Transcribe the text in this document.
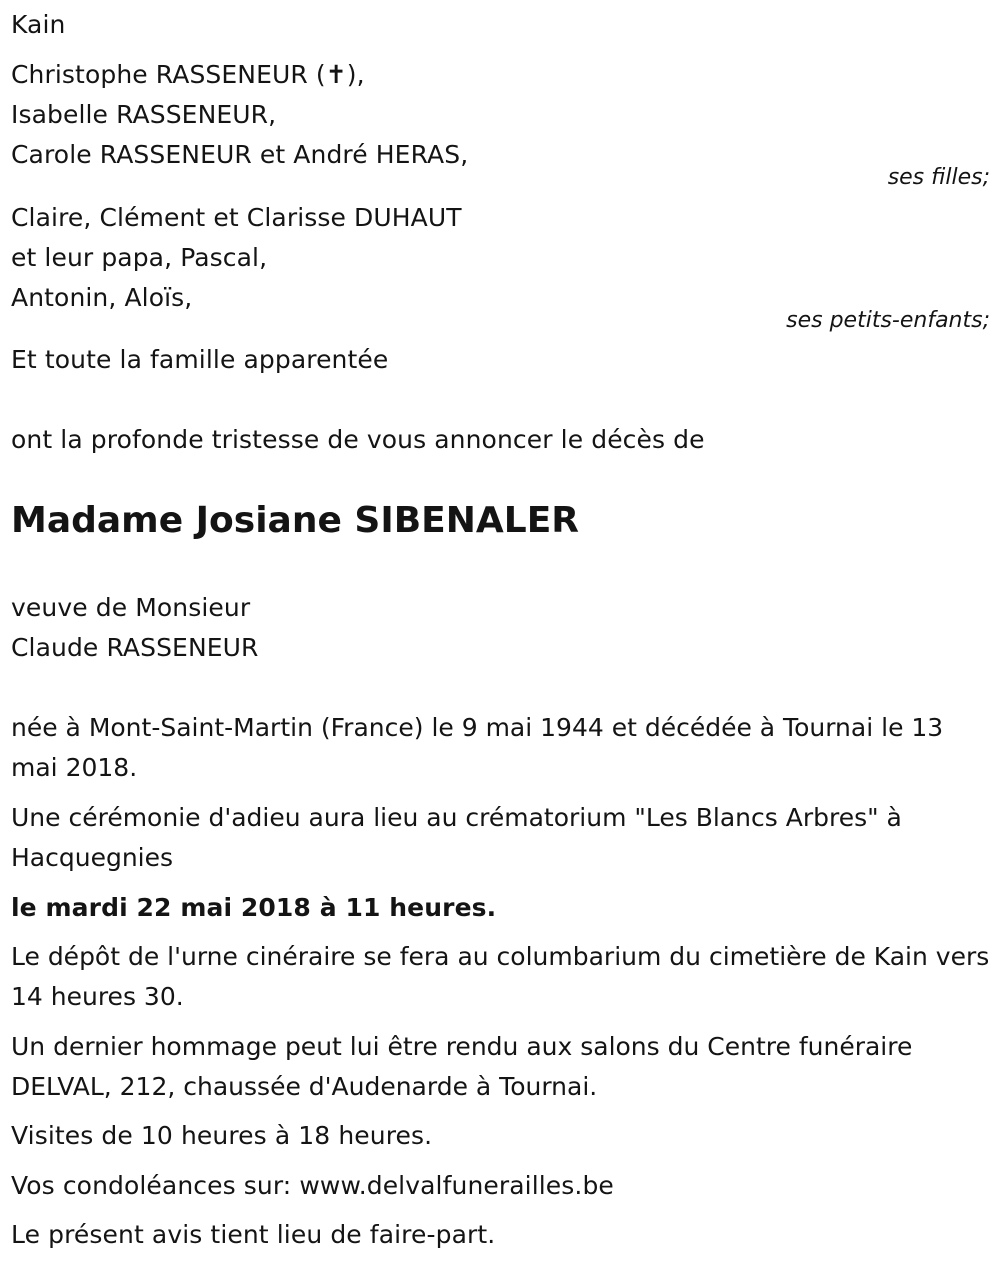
Kain
Christophe RASSENEUR (✝),
Isabelle RASSENEUR,
Carole RASSENEUR et André HERAS,
ses filles;
Claire, Clément et Clarisse DUHAUT
et leur papa, Pascal,
Antonin, Aloïs,
ses petits-enfants;
Et toute la famille apparentée
ont la profonde tristesse de vous annoncer le décès de
Madame Josiane SIBENALER
veuve de Monsieur
Claude RASSENEUR
née à Mont-Saint-Martin (France) le 9 mai 1944 et décédée à Tournai le 13 mai 2018.
Une cérémonie d'adieu aura lieu au crématorium "Les Blancs Arbres" à Hacquegnies
le mardi 22 mai 2018 à 11 heures.
Le dépôt de l'urne cinéraire se fera au columbarium du cimetière de Kain vers 14 heures 30.
Un dernier hommage peut lui être rendu aux salons du Centre funéraire DELVAL, 212, chaussée d'Audenarde à Tournai.
Visites de 10 heures à 18 heures.
Vos condoléances sur: www.delvalfunerailles.be
Le présent avis tient lieu de faire-part.
